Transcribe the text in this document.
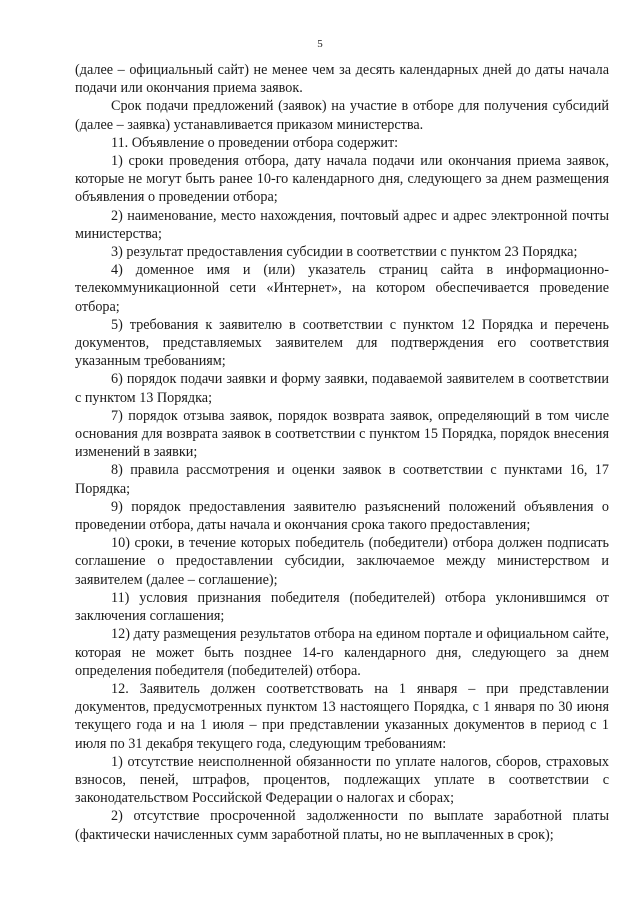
5

(далее – официальный сайт) не менее чем за десять календарных дней до даты начала подачи или окончания приема заявок.

Срок подачи предложений (заявок) на участие в отборе для получения субсидий (далее – заявка) устанавливается приказом министерства.

11. Объявление о проведении отбора содержит:

1) сроки проведения отбора, дату начала подачи или окончания приема заявок, которые не могут быть ранее 10-го календарного дня, следующего за днем размещения объявления о проведении отбора;

2) наименование, место нахождения, почтовый адрес и адрес электронной почты министерства;

3) результат предоставления субсидии в соответствии с пунктом 23 Порядка;

4) доменное имя и (или) указатель страниц сайта в информационно-телекоммуникационной сети «Интернет», на котором обеспечивается проведение отбора;

5) требования к заявителю в соответствии с пунктом 12 Порядка и перечень документов, представляемых заявителем для подтверждения его соответствия указанным требованиям;

6) порядок подачи заявки и форму заявки, подаваемой заявителем в соответствии с пунктом 13 Порядка;

7) порядок отзыва заявок, порядок возврата заявок, определяющий в том числе основания для возврата заявок в соответствии с пунктом 15 Порядка, порядок внесения изменений в заявки;

8) правила рассмотрения и оценки заявок в соответствии с пунктами 16, 17 Порядка;

9) порядок предоставления заявителю разъяснений положений объявления о проведении отбора, даты начала и окончания срока такого предоставления;

10) сроки, в течение которых победитель (победители) отбора должен подписать соглашение о предоставлении субсидии, заключаемое между министерством и заявителем (далее – соглашение);

11) условия признания победителя (победителей) отбора уклонившимся от заключения соглашения;

12) дату размещения результатов отбора на едином портале и официальном сайте, которая не может быть позднее 14-го календарного дня, следующего за днем определения победителя (победителей) отбора.

12. Заявитель должен соответствовать на 1 января – при представлении документов, предусмотренных пунктом 13 настоящего Порядка, с 1 января по 30 июня текущего года и на 1 июля – при представлении указанных документов в период с 1 июля по 31 декабря текущего года, следующим требованиям:

1) отсутствие неисполненной обязанности по уплате налогов, сборов, страховых взносов, пеней, штрафов, процентов, подлежащих уплате в соответствии с законодательством Российской Федерации о налогах и сборах;

2) отсутствие просроченной задолженности по выплате заработной платы (фактически начисленных сумм заработной платы, но не выплаченных в срок);
